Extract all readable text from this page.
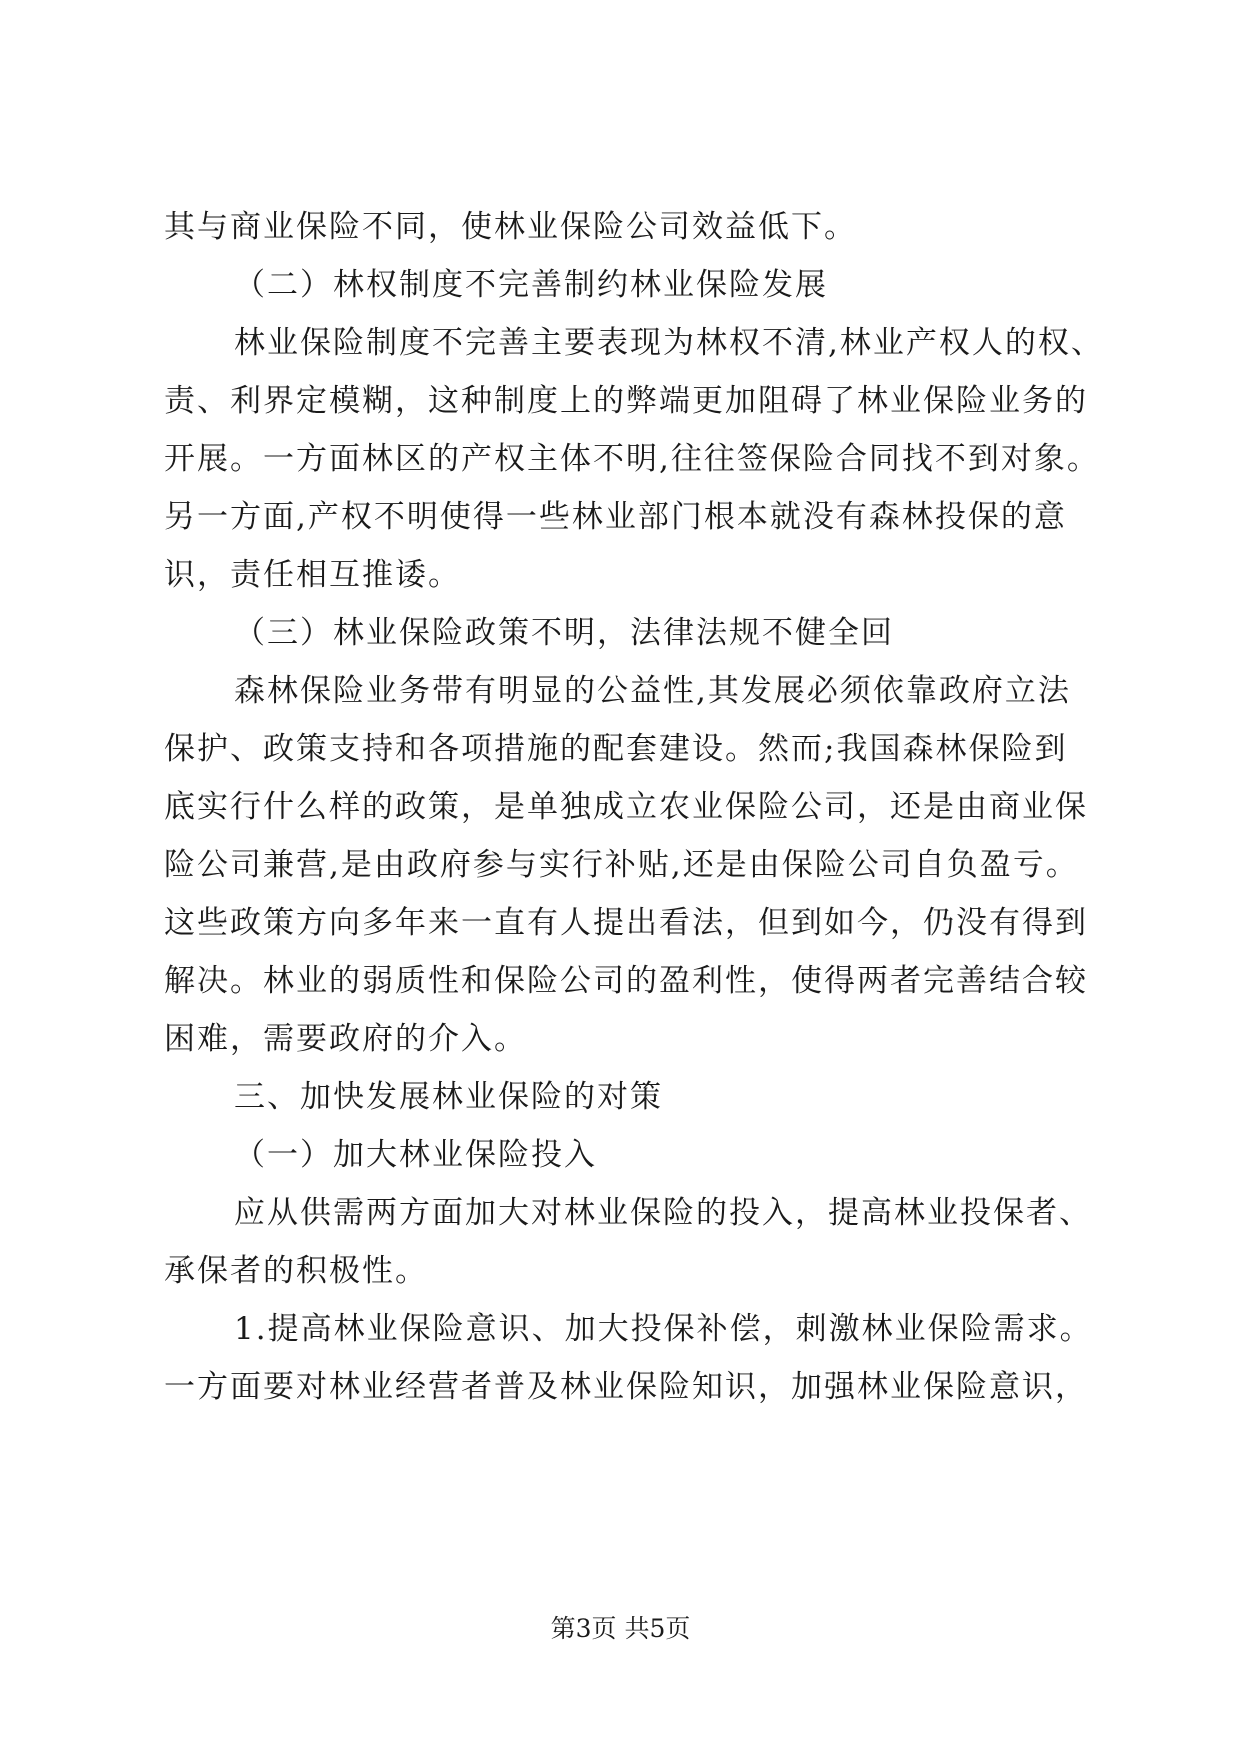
其与商业保险不同，使林业保险公司效益低下。
（二）林权制度不完善制约林业保险发展
林业保险制度不完善主要表现为林权不清,林业产权人的权、
责、利界定模糊，这种制度上的弊端更加阻碍了林业保险业务的
开展。一方面林区的产权主体不明,往往签保险合同找不到对象。
另一方面,产权不明使得一些林业部门根本就没有森林投保的意
识，责任相互推诿。
（三）林业保险政策不明，法律法规不健全回
森林保险业务带有明显的公益性,其发展必须依靠政府立法
保护、政策支持和各项措施的配套建设。然而;我国森林保险到
底实行什么样的政策，是单独成立农业保险公司，还是由商业保
险公司兼营,是由政府参与实行补贴,还是由保险公司自负盈亏。
这些政策方向多年来一直有人提出看法，但到如今，仍没有得到
解决。林业的弱质性和保险公司的盈利性，使得两者完善结合较
困难，需要政府的介入。
三、加快发展林业保险的对策
（一）加大林业保险投入
应从供需两方面加大对林业保险的投入，提高林业投保者、
承保者的积极性。
1.提高林业保险意识、加大投保补偿，刺激林业保险需求。
一方面要对林业经营者普及林业保险知识，加强林业保险意识，
第3页 共5页
